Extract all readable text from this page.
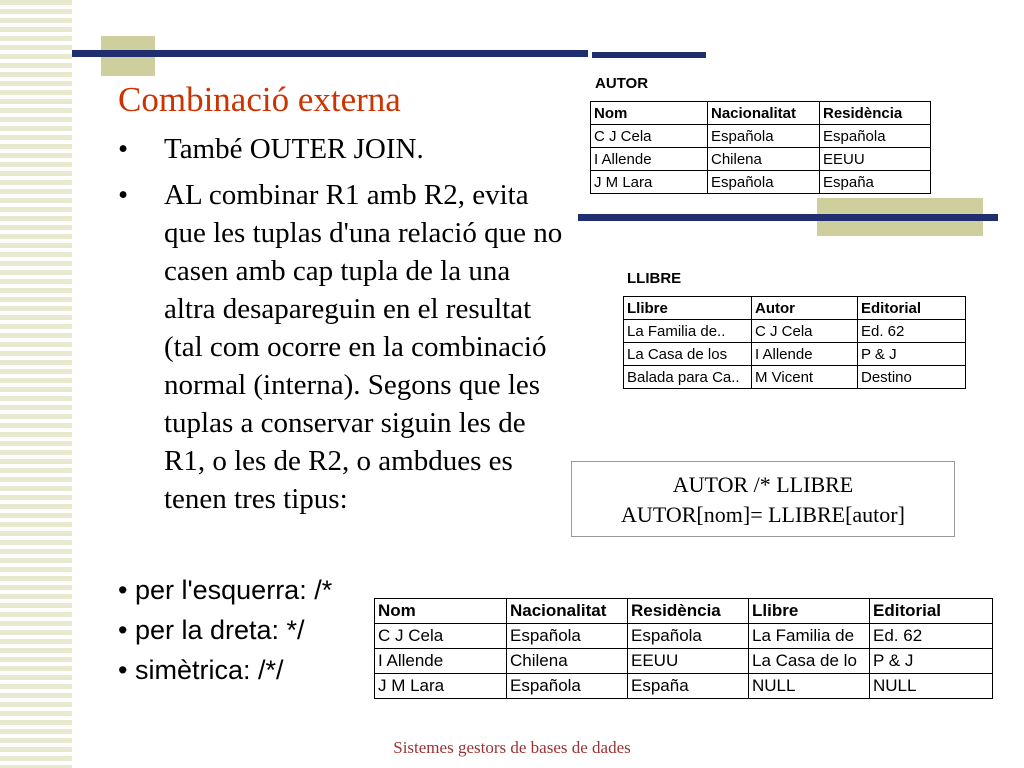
Combinació externa
• També OUTER JOIN.
• AL combinar R1 amb R2, evita que les tuplas d'una relació que no casen amb cap tupla de la una altra desapareguin en el resultat (tal com ocorre en la combinació normal (interna). Segons que les tuplas a conservar siguin les de R1, o les de R2, o ambdues es tenen tres tipus:
• per l'esquerra: /*
• per la dreta: */
• simètrica: /*/
AUTOR
Nom	Nacionalitat	Residència
C J Cela	Española	Española
I Allende	Chilena	EEUU
J M Lara	Española	España
LLIBRE
Llibre	Autor	Editorial
La Familia de..	C J Cela	Ed. 62
La Casa de los	I Allende	P & J
Balada para Ca..	M Vicent	Destino
AUTOR /* LLIBRE
AUTOR[nom]= LLIBRE[autor]
Nom	Nacionalitat	Residència	Llibre	Editorial
C J Cela	Española	Española	La Familia de	Ed. 62
I Allende	Chilena	EEUU	La Casa de lo	P & J
J M Lara	Española	España	NULL	NULL
Sistemes gestors de bases de dades
